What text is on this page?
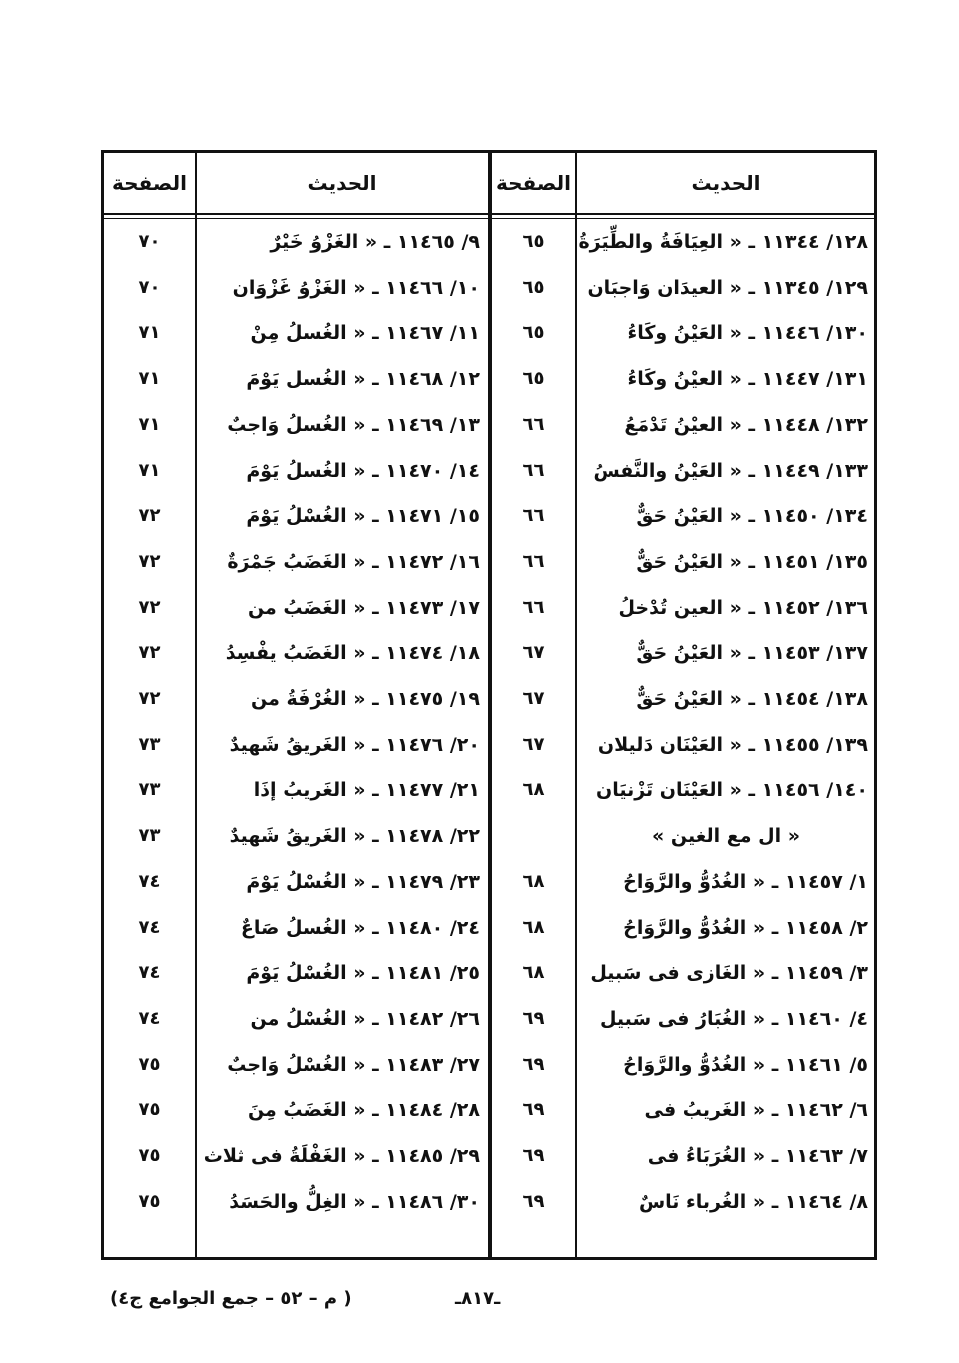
الحديث
الصفحة
الحديث
الصفحة
١٢٨/ ١١٣٤٤ ـ « العِيَافَةُ والطِّيَرَةُ
٦٥
١٢٩/ ١١٣٤٥ ـ « العيدَان وَاجبَان
٦٥
١٣٠/ ١١٤٤٦ ـ « العَيْنُ وكَاءُ
٦٥
١٣١/ ١١٤٤٧ ـ « العيْنُ وكَاءُ
٦٥
١٣٢/ ١١٤٤٨ ـ « العيْنُ تَدْمَعُ
٦٦
١٣٣/ ١١٤٤٩ ـ « العَيْنُ والنَّفسُ
٦٦
١٣٤/ ١١٤٥٠ ـ « العَيْنُ حَقٌّ
٦٦
١٣٥/ ١١٤٥١ ـ « العَيْنُ حَقٌّ
٦٦
١٣٦/ ١١٤٥٢ ـ « العين تُدْخلُ
٦٦
١٣٧/ ١١٤٥٣ ـ « العَيْنُ حَقٌّ
٦٧
١٣٨/ ١١٤٥٤ ـ « العَيْنُ حَقٌّ
٦٧
١٣٩/ ١١٤٥٥ ـ « العَيْنَان دَليلان
٦٧
١٤٠/ ١١٤٥٦ ـ « العَيْنَان تَزْنيَان
٦٨
« ال مع الغين »
١/ ١١٤٥٧ ـ « الغُدُوُّ والرَّوَاحُ
٦٨
٢/ ١١٤٥٨ ـ « الغُدُوُّ والرَّوَاحُ
٦٨
٣/ ١١٤٥٩ ـ « الغَازى فى سَبيل
٦٨
٤/ ١١٤٦٠ ـ « الغُبَارُ فى سَبيل
٦٩
٥/ ١١٤٦١ ـ « الغُدُوُّ والرَّوَاحُ
٦٩
٦/ ١١٤٦٢ ـ « الغَريبُ فى
٦٩
٧/ ١١٤٦٣ ـ « الغُرَبَاءُ فى
٦٩
٨/ ١١٤٦٤ ـ « الغُرباء نَاسٌ
٦٩
٩/ ١١٤٦٥ ـ « الغَزْوُ خَيْرٌ
٧٠
١٠/ ١١٤٦٦ ـ « الغَزْوُ غَزْوَان
٧٠
١١/ ١١٤٦٧ ـ « الغُسلُ مِنْ
٧١
١٢/ ١١٤٦٨ ـ « الغُسل يَوْمَ
٧١
١٣/ ١١٤٦٩ ـ « الغُسلُ وَاجبٌ
٧١
١٤/ ١١٤٧٠ ـ « الغُسلُ يَوْمَ
٧١
١٥/ ١١٤٧١ ـ « الغُسْلُ يَوْمَ
٧٢
١٦/ ١١٤٧٢ ـ « الغَضَبُ جَمْرَةٌ
٧٢
١٧/ ١١٤٧٣ ـ « الغَضَبُ من
٧٢
١٨/ ١١٤٧٤ ـ « الغَضَبُ يفْسِدُ
٧٢
١٩/ ١١٤٧٥ ـ « الغُرْفَةُ من
٧٢
٢٠/ ١١٤٧٦ ـ « الغَريقُ شَهيدٌ
٧٣
٢١/ ١١٤٧٧ ـ « الغَريبُ إذَا
٧٣
٢٢/ ١١٤٧٨ ـ « الغَريقُ شَهيدٌ
٧٣
٢٣/ ١١٤٧٩ ـ « الغُسْلُ يَوْمَ
٧٤
٢٤/ ١١٤٨٠ ـ « الغُسلُ صَاعٌ
٧٤
٢٥/ ١١٤٨١ ـ « الغُسْلُ يَوْمَ
٧٤
٢٦/ ١١٤٨٢ ـ « الغُسْلُ من
٧٤
٢٧/ ١١٤٨٣ ـ « الغُسْلُ وَاجبٌ
٧٥
٢٨/ ١١٤٨٤ ـ « الغَضَبُ مِنَ
٧٥
٢٩/ ١١٤٨٥ ـ « الغَفْلَةُ فى ثلاث
٧٥
٣٠/ ١١٤٨٦ ـ « الغِلُّ والحَسَدُ
٧٥
ـ٨١٧ـ
( م – ٥٢ – جمع الجوامع ج٤)
